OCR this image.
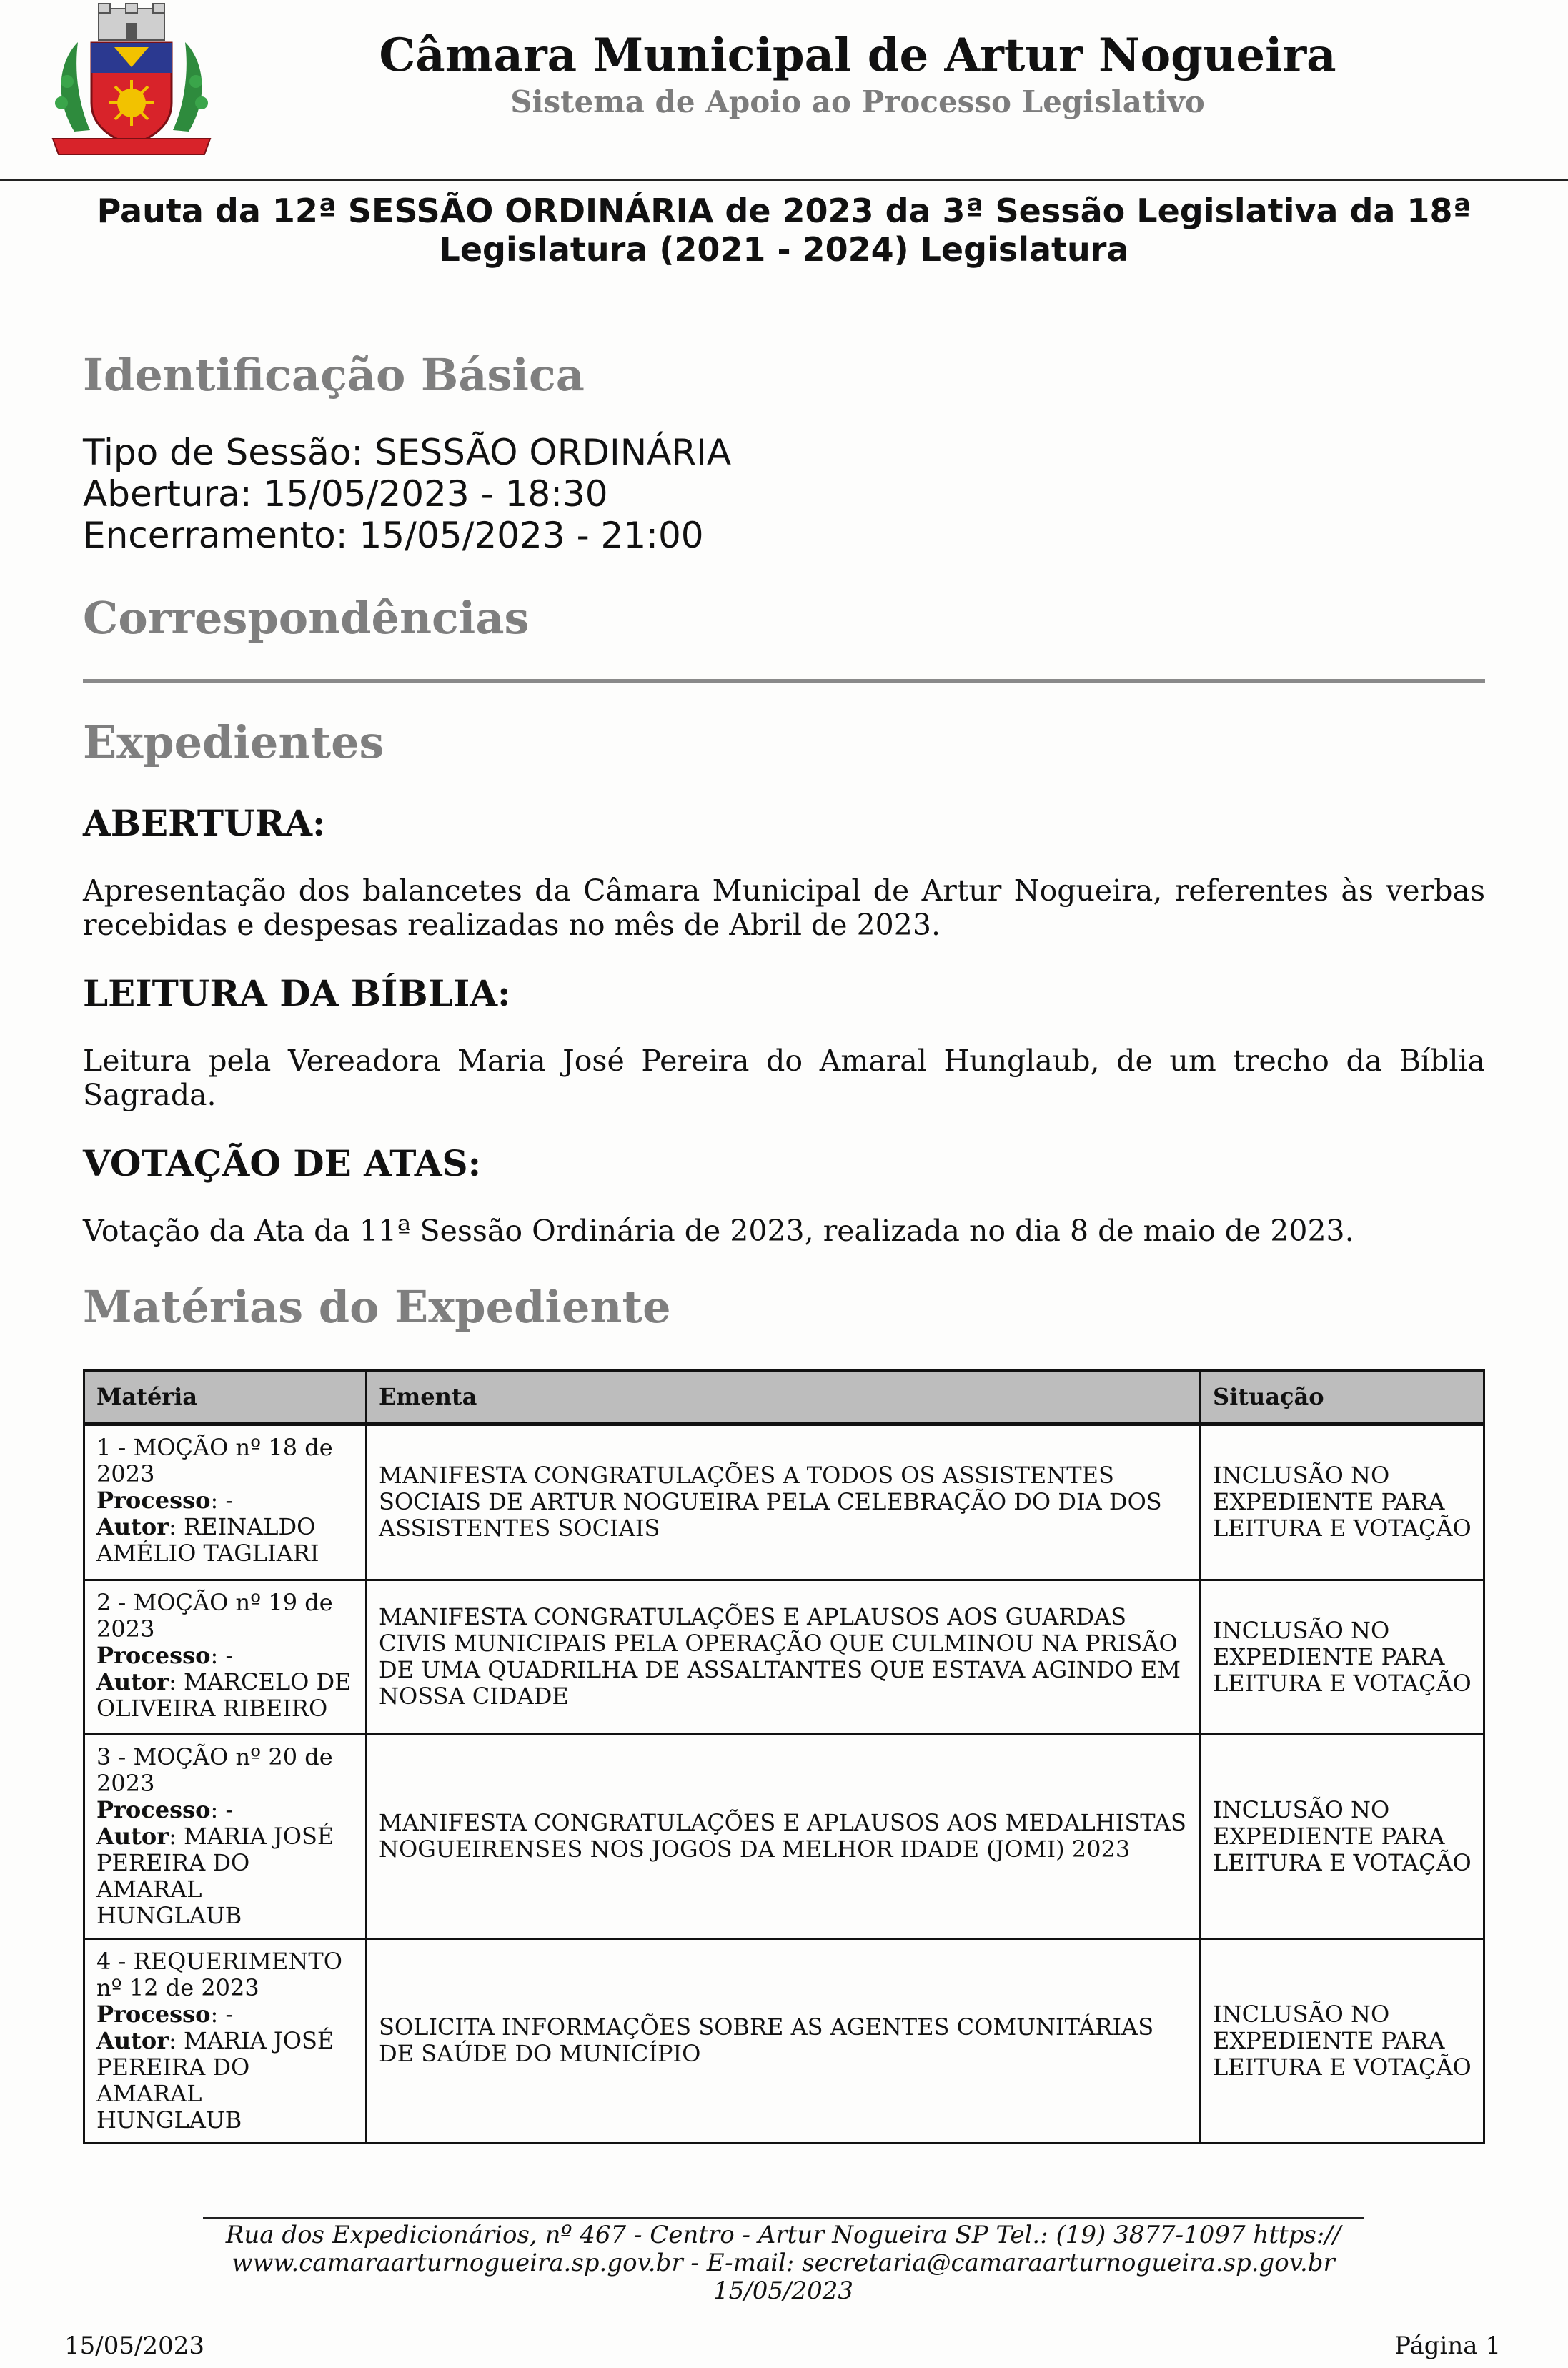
Câmara Municipal de Artur Nogueira
Sistema de Apoio ao Processo Legislativo
Pauta da 12ª SESSÃO ORDINÁRIA de 2023 da 3ª Sessão Legislativa da 18ª
Legislatura (2021 - 2024) Legislatura
Identificação Básica
Tipo de Sessão: SESSÃO ORDINÁRIA
Abertura: 15/05/2023 - 18:30
Encerramento: 15/05/2023 - 21:00
Correspondências
Expedientes
ABERTURA:
Apresentação dos balancetes da Câmara Municipal de Artur Nogueira, referentes às verbas recebidas e despesas realizadas no mês de Abril de 2023.
LEITURA DA BÍBLIA:
Leitura pela Vereadora Maria José Pereira do Amaral Hunglaub, de um trecho da Bíblia Sagrada.
VOTAÇÃO DE ATAS:
Votação da Ata da 11ª Sessão Ordinária de 2023, realizada no dia 8 de maio de 2023.
Matérias do Expediente
Matéria	Ementa	Situação

1 - MOÇÃO nº 18 de 2023
Processo: -
Autor: REINALDO AMÉLIO TAGLIARI	MANIFESTA CONGRATULAÇÕES A TODOS OS ASSISTENTES SOCIAIS DE ARTUR NOGUEIRA PELA CELEBRAÇÃO DO DIA DOS ASSISTENTES SOCIAIS	INCLUSÃO NO EXPEDIENTE PARA LEITURA E VOTAÇÃO

2 - MOÇÃO nº 19 de 2023
Processo: -
Autor: MARCELO DE OLIVEIRA RIBEIRO	MANIFESTA CONGRATULAÇÕES E APLAUSOS AOS GUARDAS CIVIS MUNICIPAIS PELA OPERAÇÃO QUE CULMINOU NA PRISÃO DE UMA QUADRILHA DE ASSALTANTES QUE ESTAVA AGINDO EM NOSSA CIDADE	INCLUSÃO NO EXPEDIENTE PARA LEITURA E VOTAÇÃO

3 - MOÇÃO nº 20 de 2023
Processo: -
Autor: MARIA JOSÉ PEREIRA DO AMARAL HUNGLAUB	MANIFESTA CONGRATULAÇÕES E APLAUSOS AOS MEDALHISTAS NOGUEIRENSES NOS JOGOS DA MELHOR IDADE (JOMI) 2023	INCLUSÃO NO EXPEDIENTE PARA LEITURA E VOTAÇÃO

4 - REQUERIMENTO nº 12 de 2023
Processo: -
Autor: MARIA JOSÉ PEREIRA DO AMARAL HUNGLAUB	SOLICITA INFORMAÇÕES SOBRE AS AGENTES COMUNITÁRIAS DE SAÚDE DO MUNICÍPIO	INCLUSÃO NO EXPEDIENTE PARA LEITURA E VOTAÇÃO
Rua dos Expedicionários, nº 467 - Centro - Artur Nogueira SP Tel.: (19) 3877-1097 https://
www.camaraarturnogueira.sp.gov.br - E-mail: secretaria@camaraarturnogueira.sp.gov.br
15/05/2023
15/05/2023	Página 1
